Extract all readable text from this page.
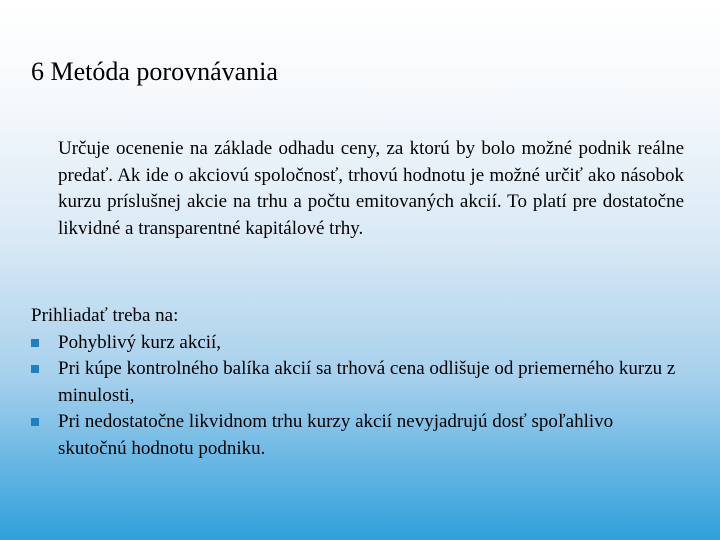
6 Metóda porovnávania

Určuje ocenenie na základe odhadu ceny, za ktorú by bolo možné podnik reálne predať. Ak ide o akciovú spoločnosť, trhovú hodnotu je možné určiť ako násobok kurzu príslušnej akcie na trhu a počtu emitovaných akcií. To platí pre dostatočne likvidné a transparentné kapitálové trhy.

Prihliadať treba na:

Pohyblivý kurz akcií,
Pri kúpe kontrolného balíka akcií sa trhová cena odlišuje od priemerného kurzu z minulosti,
Pri nedostatočne likvidnom trhu kurzy akcií nevyjadrujú dosť spoľahlivo skutočnú hodnotu podniku.
